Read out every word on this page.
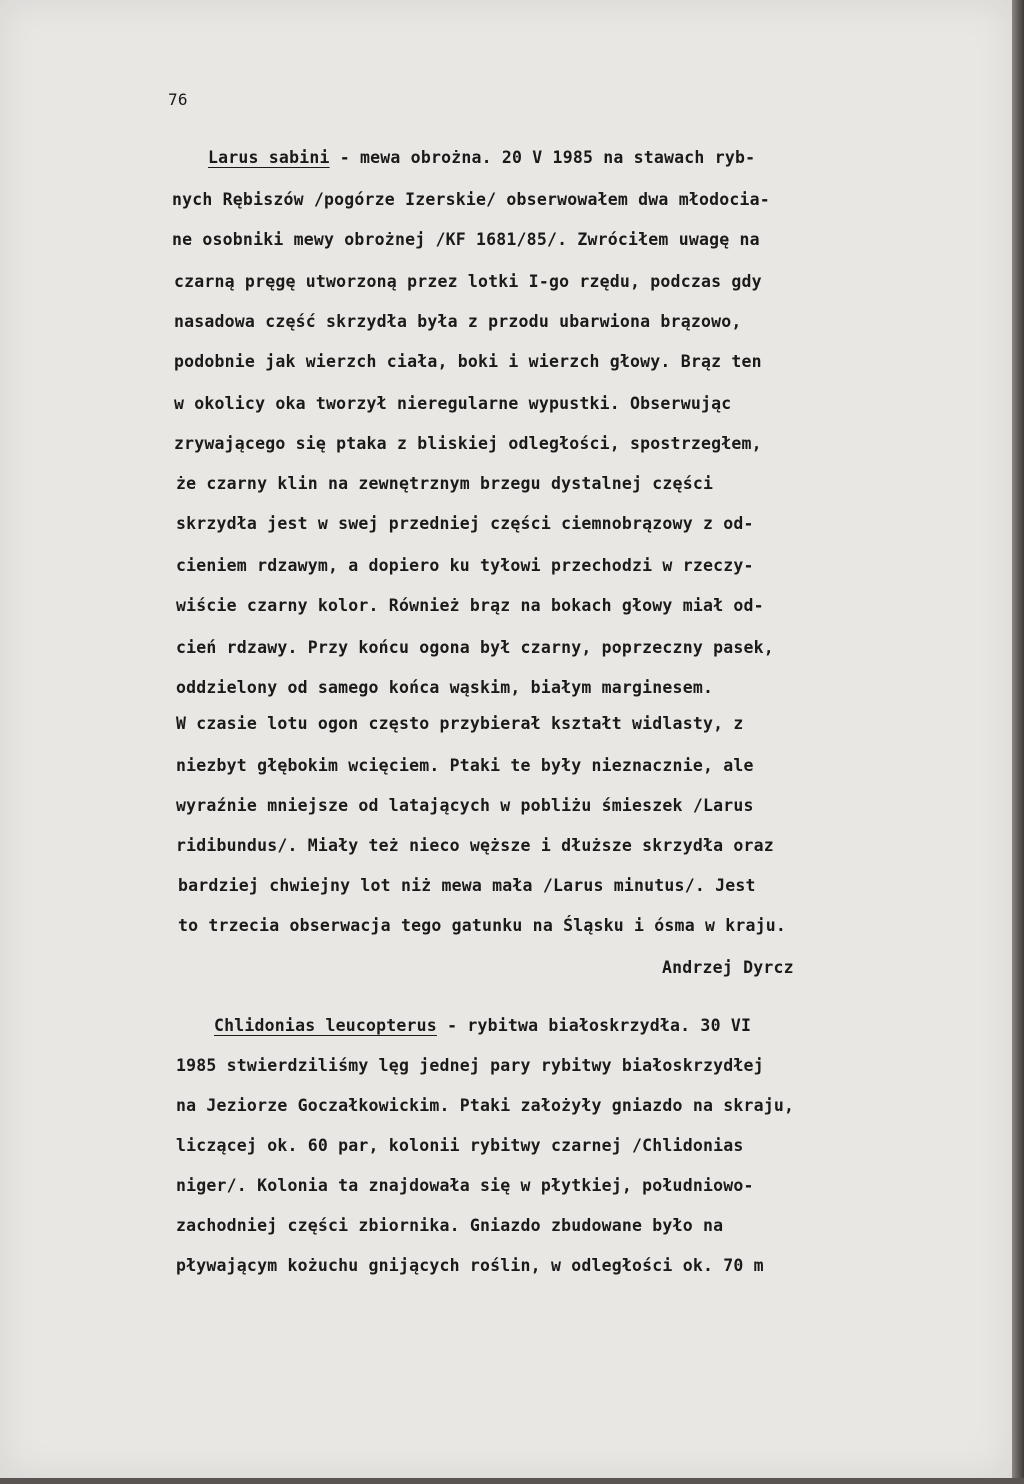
76
Larus sabini - mewa obrożna. 20 V 1985 na stawach ryb-
nych Rębiszów /pogórze Izerskie/ obserwowałem dwa młodocia-
ne osobniki mewy obrożnej /KF 1681/85/. Zwróciłem uwagę na
czarną pręgę utworzoną przez lotki I-go rzędu, podczas gdy
nasadowa część skrzydła była z przodu ubarwiona brązowo,
podobnie jak wierzch ciała, boki i wierzch głowy. Brąz ten
w okolicy oka tworzył nieregularne wypustki. Obserwując
zrywającego się ptaka z bliskiej odległości, spostrzegłem,
że czarny klin na zewnętrznym brzegu dystalnej części
skrzydła jest w swej przedniej części ciemnobrązowy z od-
cieniem rdzawym, a dopiero ku tyłowi przechodzi w rzeczy-
wiście czarny kolor. Również brąz na bokach głowy miał od-
cień rdzawy. Przy końcu ogona był czarny, poprzeczny pasek,
oddzielony od samego końca wąskim, białym marginesem.
W czasie lotu ogon często przybierał kształt widlasty, z
niezbyt głębokim wcięciem. Ptaki te były nieznacznie, ale
wyraźnie mniejsze od latających w pobliżu śmieszek /Larus
ridibundus/. Miały też nieco węższe i dłuższe skrzydła oraz
bardziej chwiejny lot niż mewa mała /Larus minutus/. Jest
to trzecia obserwacja tego gatunku na Śląsku i ósma w kraju.
Andrzej Dyrcz
Chlidonias leucopterus - rybitwa białoskrzydła. 30 VI
1985 stwierdziliśmy lęg jednej pary rybitwy białoskrzydłej
na Jeziorze Goczałkowickim. Ptaki założyły gniazdo na skraju,
liczącej ok. 60 par, kolonii rybitwy czarnej /Chlidonias
niger/. Kolonia ta znajdowała się w płytkiej, południowo-
zachodniej części zbiornika. Gniazdo zbudowane było na
pływającym kożuchu gnijących roślin, w odległości ok. 70 m
